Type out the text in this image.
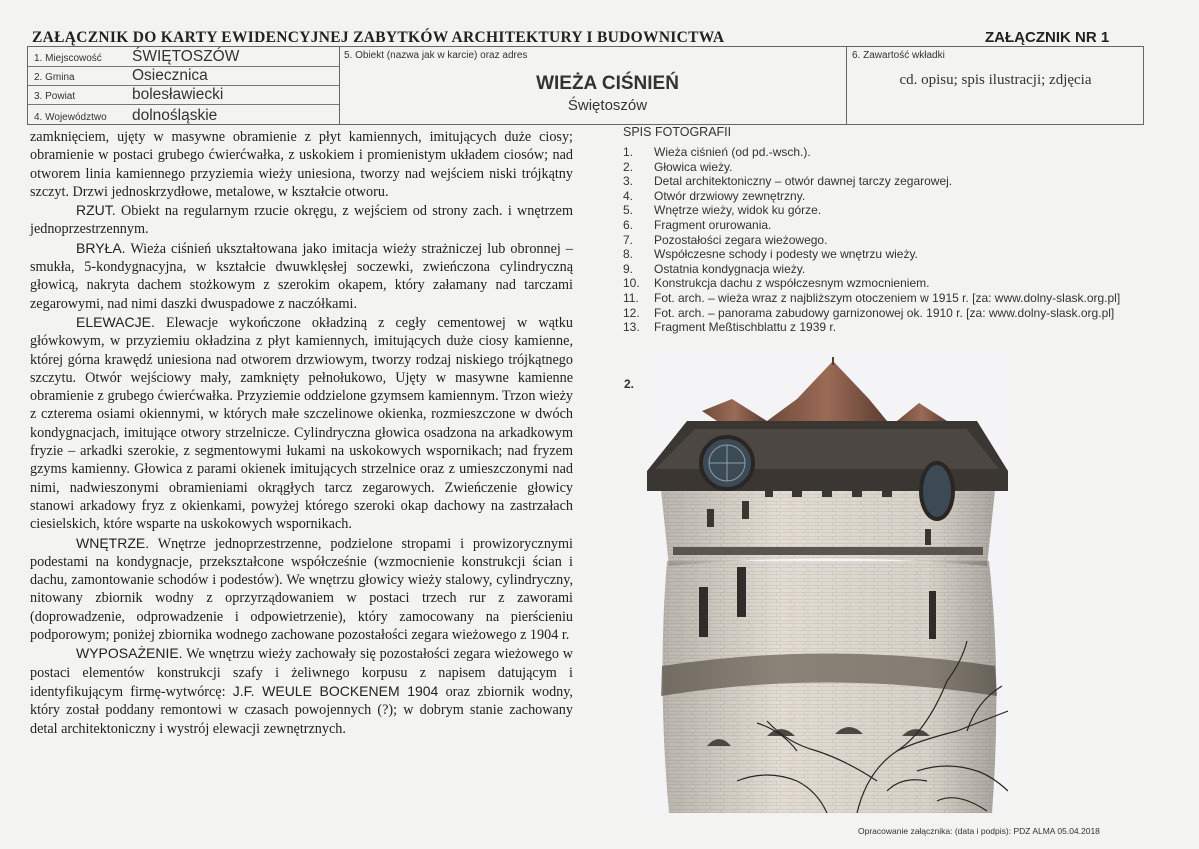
ZAŁĄCZNIK DO KARTY EWIDENCYJNEJ ZABYTKÓW ARCHITEKTURY I BUDOWNICTWA	ZAŁĄCZNIK NR 1
1. Miejscowość ŚWIĘTOSZÓW
2. Gmina	Osiecznica
3. Powiat	bolesławiecki
4. Województwo dolnośląskie
5. Obiekt (nazwa jak w karcie) oraz adres
WIEŻA CIŚNIEŃ
Świętoszów
6. Zawartość wkładki
cd. opisu; spis ilustracji; zdjęcia

zamknięciem, ujęty w masywne obramienie z płyt kamiennych, imitujących duże ciosy; obramienie w postaci grubego ćwierćwałka, z uskokiem i promienistym układem ciosów; nad otworem linia kamiennego przyziemia wieży uniesiona, tworzy nad wejściem niski trójkątny szczyt. Drzwi jednoskrzydłowe, metalowe, w kształcie otworu.

RZUT. Obiekt na regularnym rzucie okręgu, z wejściem od strony zach. i wnętrzem jednoprzestrzennym.

BRYŁA. Wieża ciśnień ukształtowana jako imitacja wieży strażniczej lub obronnej – smukła, 5-kondygnacyjna, w kształcie dwuwklęsłej soczewki, zwieńczona cylindryczną głowicą, nakryta dachem stożkowym z szerokim okapem, który załamany nad tarczami zegarowymi, nad nimi daszki dwuspadowe z naczółkami.

ELEWACJE. Elewacje wykończone okładziną z cegły cementowej w wątku główkowym, w przyziemiu okładzina z płyt kamiennych, imitujących duże ciosy kamienne, której górna krawędź uniesiona nad otworem drzwiowym, tworzy rodzaj niskiego trójkątnego szczytu. Otwór wejściowy mały, zamknięty pełnołukowo, Ujęty w masywne kamienne obramienie z grubego ćwierćwałka. Przyziemie oddzielone gzymsem kamiennym. Trzon wieży z czterema osiami okiennymi, w których małe szczelinowe okienka, rozmieszczone w dwóch kondygnacjach, imitujące otwory strzelnicze. Cylindryczna głowica osadzona na arkadkowym fryzie – arkadki szerokie, z segmentowymi łukami na uskokowych wspornikach; nad fryzem gzyms kamienny. Głowica z parami okienek imitujących strzelnice oraz z umieszczonymi nad nimi, nadwieszonymi obramieniami okrągłych tarcz zegarowych. Zwieńczenie głowicy stanowi arkadowy fryz z okienkami, powyżej którego szeroki okap dachowy na zastrzałach ciesielskich, które wsparte na uskokowych wspornikach.

WNĘTRZE. Wnętrze jednoprzestrzenne, podzielone stropami i prowizorycznymi podestami na kondygnacje, przekształcone współcześnie (wzmocnienie konstrukcji ścian i dachu, zamontowanie schodów i podestów). We wnętrzu głowicy wieży stalowy, cylindryczny, nitowany zbiornik wodny z oprzyrządowaniem w postaci trzech rur z zaworami (doprowadzenie, odprowadzenie i odpowietrzenie), który zamocowany na pierścieniu podporowym; poniżej zbiornika wodnego zachowane pozostałości zegara wieżowego z 1904 r.

WYPOSAŻENIE. We wnętrzu wieży zachowały się pozostałości zegara wieżowego w postaci elementów konstrukcji szafy i żeliwnego korpusu z napisem datującym i identyfikującym firmę-wytwórcę: J.F. WEULE BOCKENEM 1904 oraz zbiornik wodny, który został poddany remontowi w czasach powojennych (?); w dobrym stanie zachowany detal architektoniczny i wystrój elewacji zewnętrznych.

SPIS FOTOGRAFII
1. Wieża ciśnień (od pd.-wsch.).
2. Głowica wieży.
3. Detal architektoniczny – otwór dawnej tarczy zegarowej.
4. Otwór drzwiowy zewnętrzny.
5. Wnętrze wieży, widok ku górze.
6. Fragment orurowania.
7. Pozostałości zegara wieżowego.
8. Współczesne schody i podesty we wnętrzu wieży.
9. Ostatnia kondygnacja wieży.
10. Konstrukcja dachu z współczesnym wzmocnieniem.
11. Fot. arch. – wieża wraz z najbliższym otoczeniem w 1915 r. [za: www.dolny-slask.org.pl]
12. Fot. arch. – panorama zabudowy garnizonowej ok. 1910 r. [za: www.dolny-slask.org.pl]
13. Fragment Meßtischblattu z 1939 r.
2.
Opracowanie załącznika: (data i podpis): PDZ ALMA 05.04.2018
